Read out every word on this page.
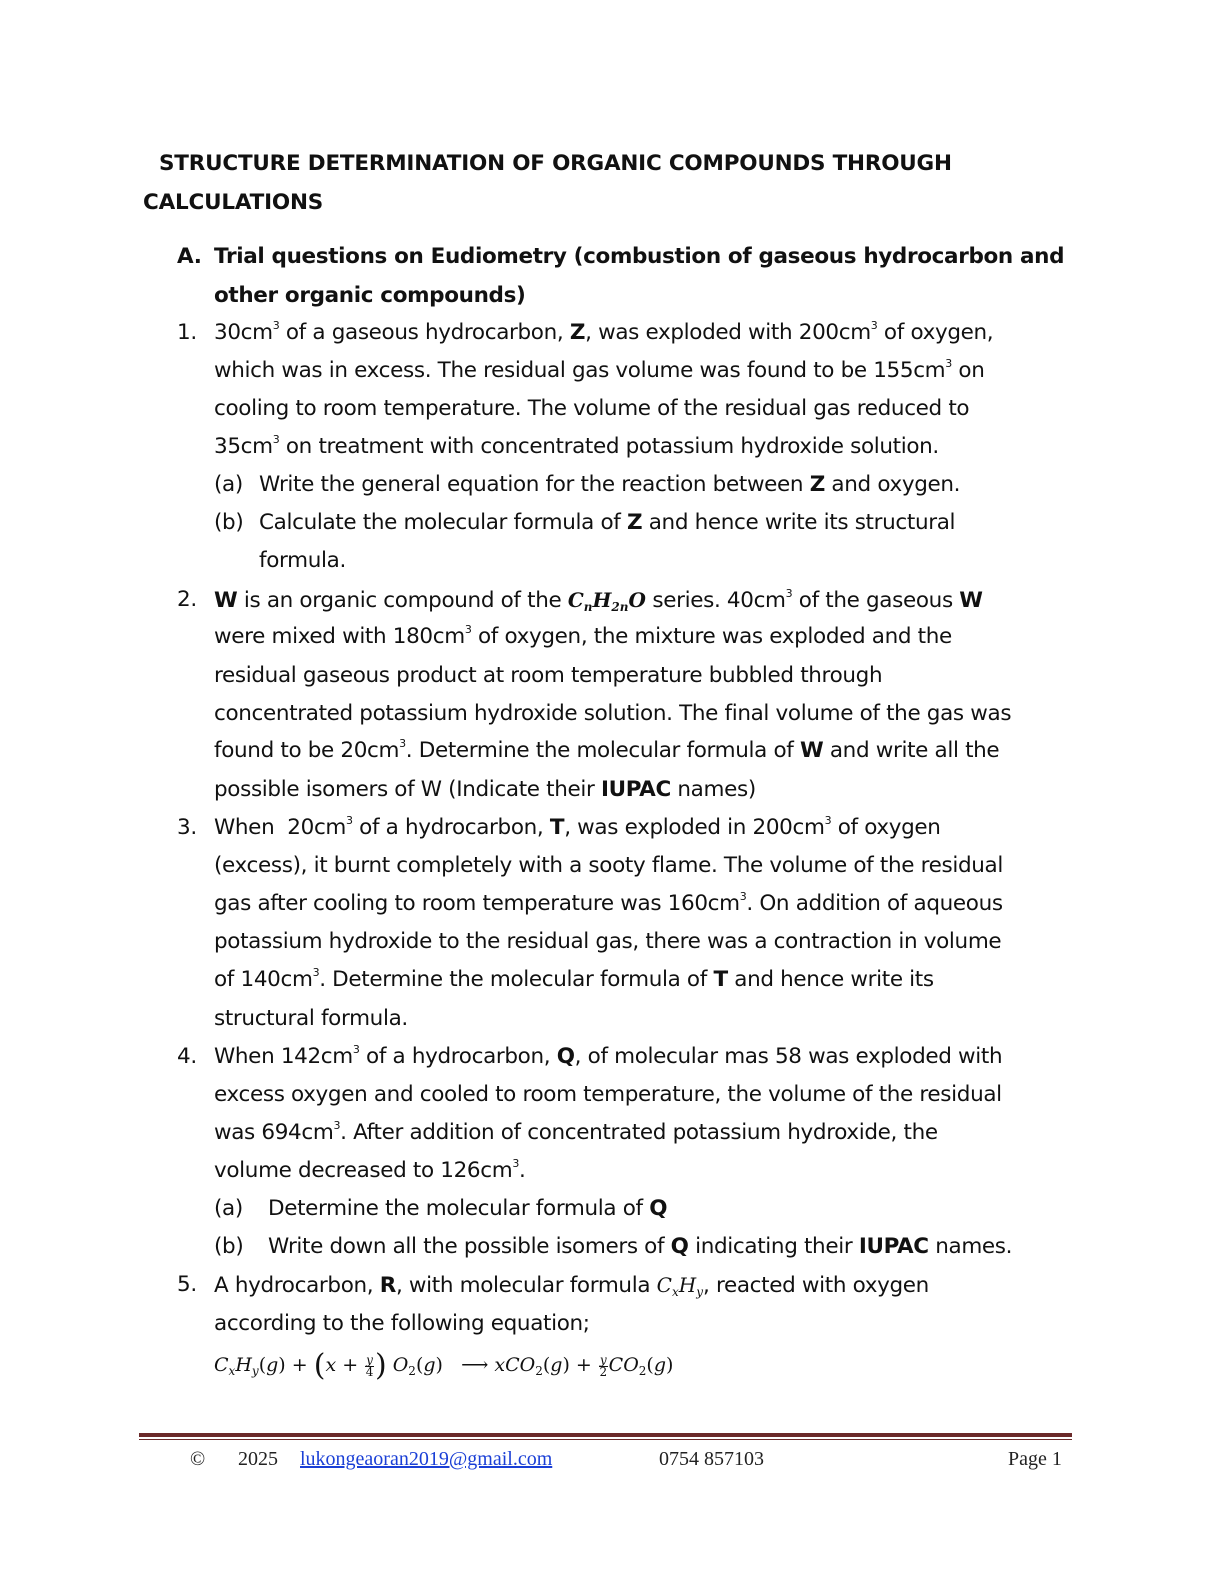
STRUCTURE DETERMINATION OF ORGANIC COMPOUNDS THROUGH
CALCULATIONS
A. Trial questions on Eudiometry (combustion of gaseous hydrocarbon and
other organic compounds)
1. $30cm^3$ of a gaseous hydrocarbon, Z, was exploded with $200cm^3$ of oxygen,
which was in excess. The residual gas volume was found to be $155cm^3$ on
cooling to room temperature. The volume of the residual gas reduced to
$35cm^3$ on treatment with concentrated potassium hydroxide solution.
(a) Write the general equation for the reaction between Z and oxygen.
(b) Calculate the molecular formula of Z and hence write its structural
formula.
2. W is an organic compound of the $C_nH_{2n}O$ series. $40cm^3$ of the gaseous W
were mixed with $180cm^3$ of oxygen, the mixture was exploded and the
residual gaseous product at room temperature bubbled through
concentrated potassium hydroxide solution. The final volume of the gas was
found to be $20cm^3$. Determine the molecular formula of W and write all the
possible isomers of W (Indicate their IUPAC names)
3. When  $20cm^3$ of a hydrocarbon, T, was exploded in $200cm^3$ of oxygen
(excess), it burnt completely with a sooty flame. The volume of the residual
gas after cooling to room temperature was $160cm^3$. On addition of aqueous
potassium hydroxide to the residual gas, there was a contraction in volume
of $140cm^3$. Determine the molecular formula of T and hence write its
structural formula.
4. When $142cm^3$ of a hydrocarbon, Q, of molecular mas 58 was exploded with
excess oxygen and cooled to room temperature, the volume of the residual
was $694cm^3$. After addition of concentrated potassium hydroxide, the
volume decreased to $126cm^3$.
(a) Determine the molecular formula of Q
(b) Write down all the possible isomers of Q indicating their IUPAC names.
5. A hydrocarbon, R, with molecular formula $C_xH_y$, reacted with oxygen
according to the following equation;
$C_xH_y(g) + (x + \frac{y}{4}$ ) $O_2(g)$ ⟶ $xCO_2(g) + \frac{y}{2} CO_2(g)$
© 2025 lukongeaoran2019@gmail.com	0754 857103	Page 1
